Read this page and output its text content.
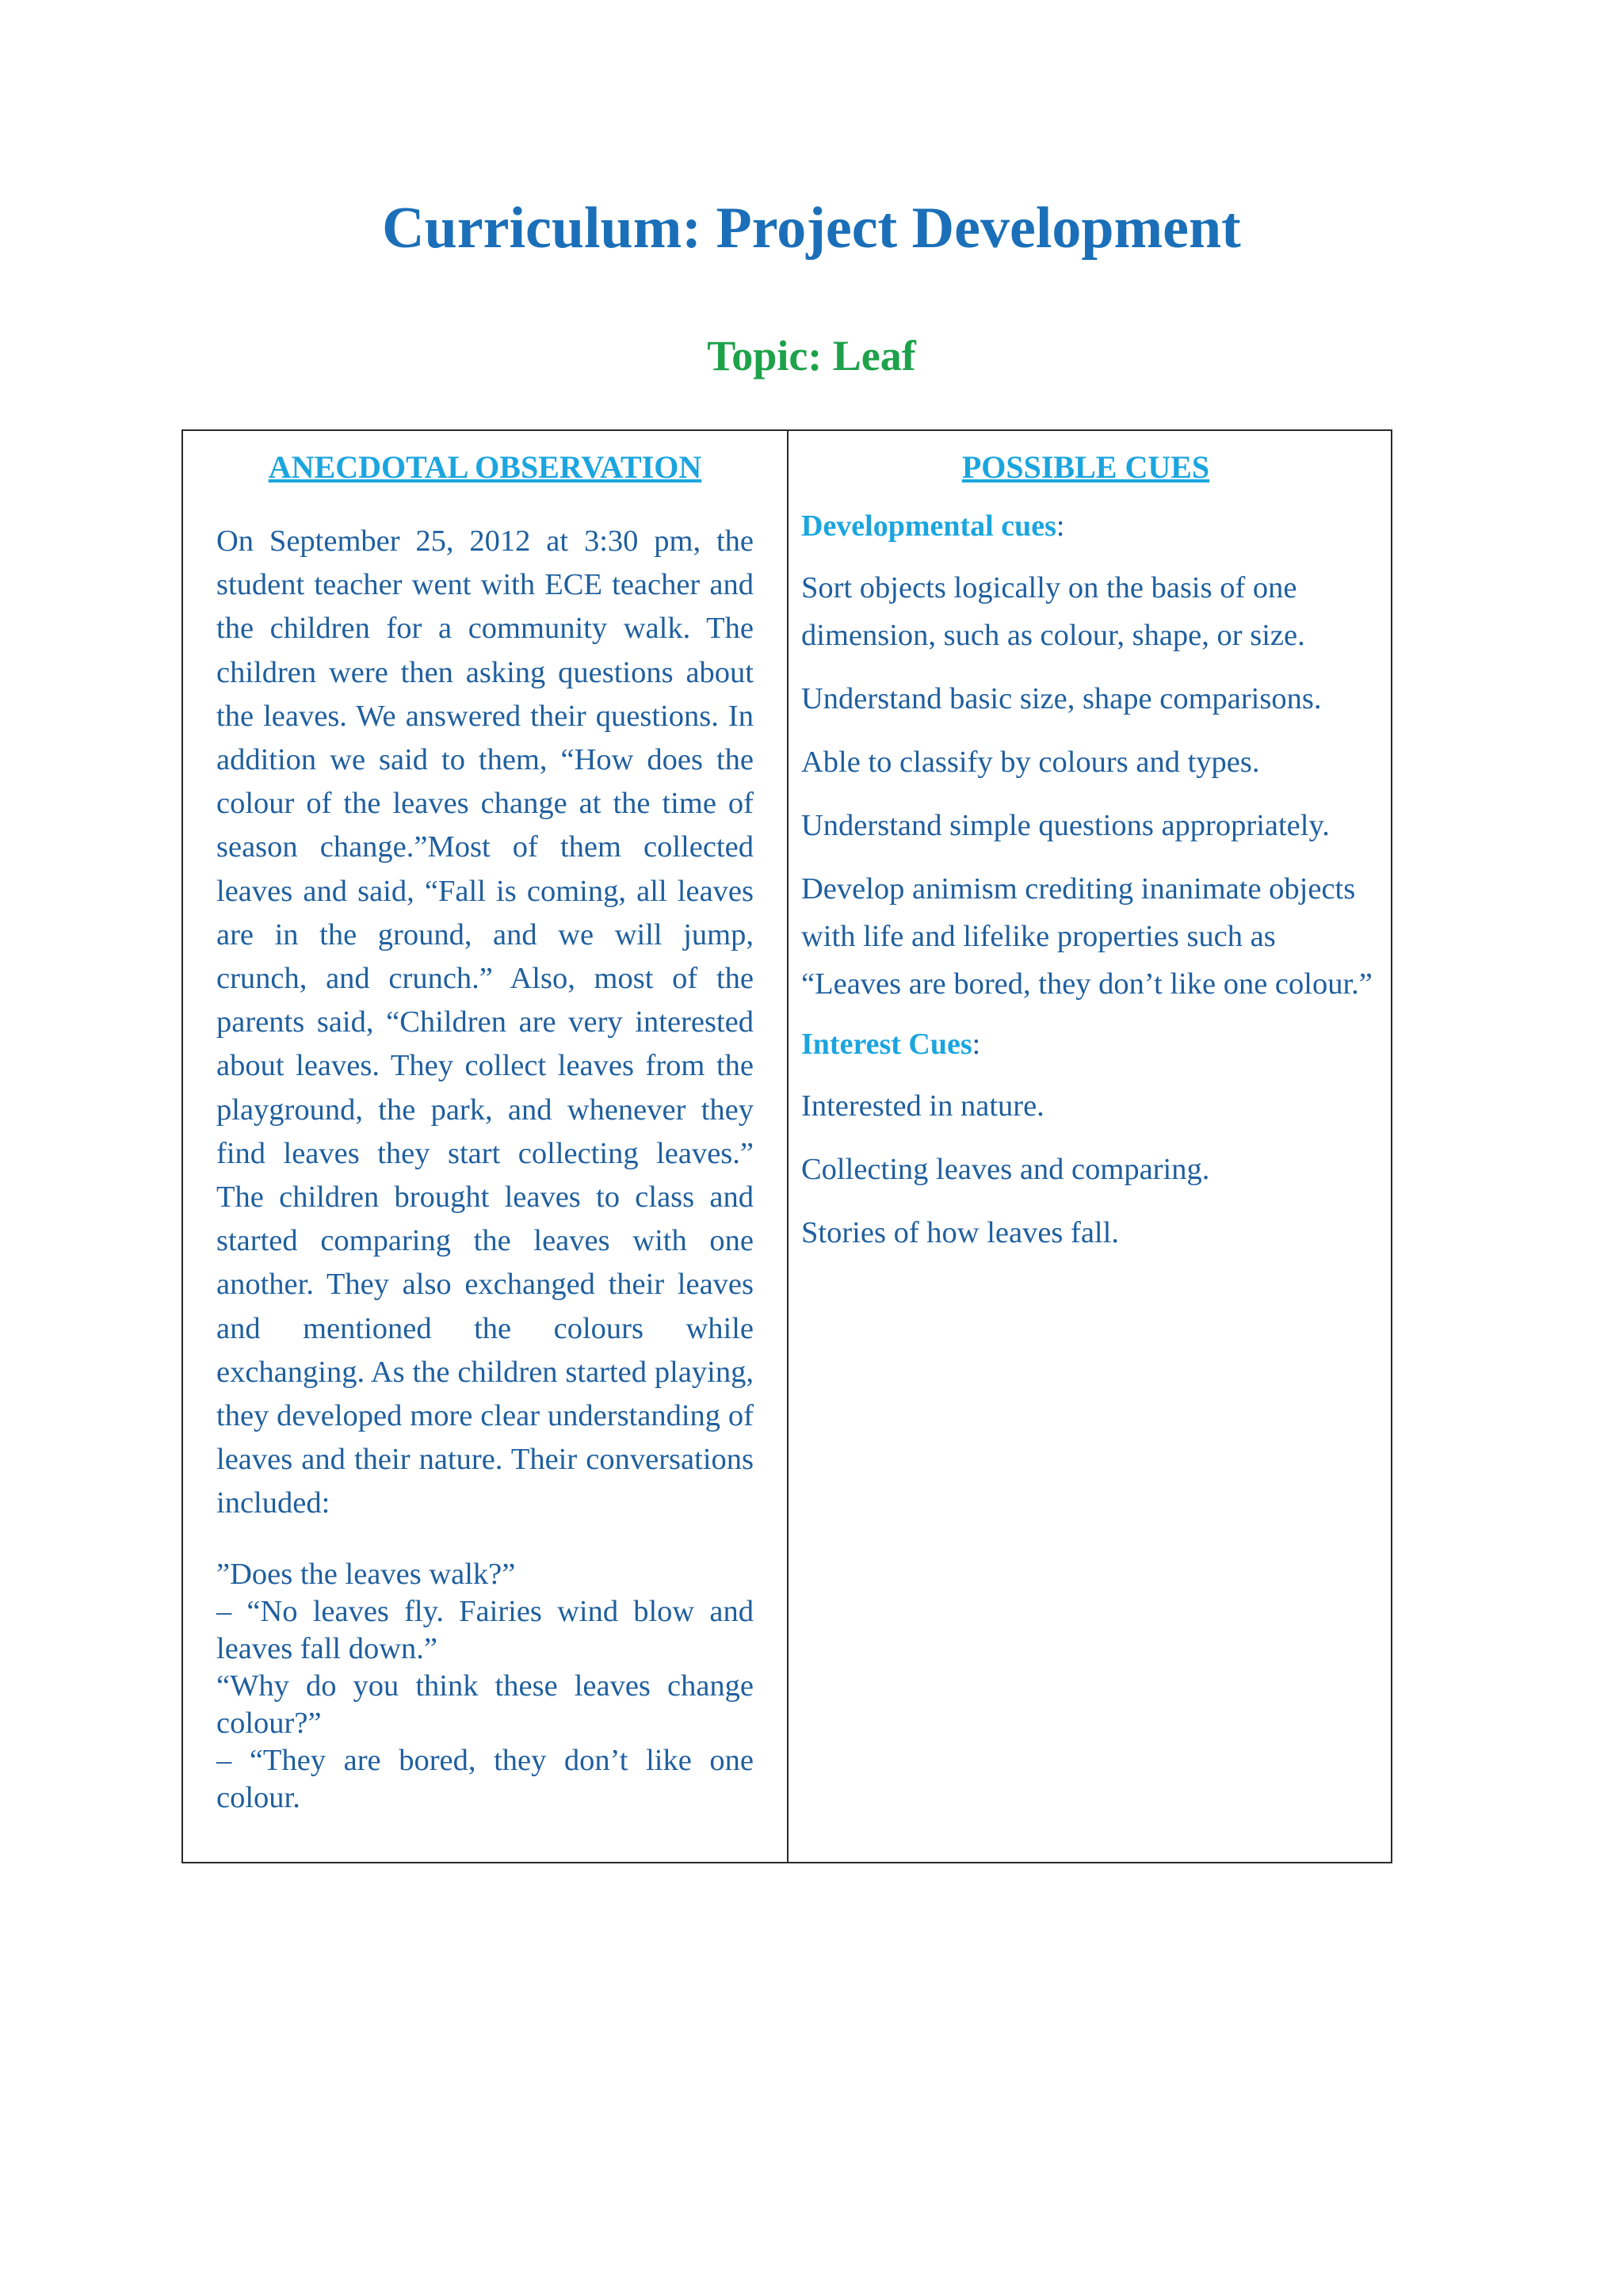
Curriculum: Project Development
Topic: Leaf
ANECDOTAL OBSERVATION
On September 25, 2012 at 3:30 pm, the student teacher went with ECE teacher and the children for a community walk. The children were then asking questions about the leaves. We answered their questions. In addition we said to them, “How does the colour of the leaves change at the time of season change.”Most of them collected leaves and said, “Fall is coming, all leaves are in the ground, and we will jump, crunch, and crunch.” Also, most of the parents said, “Children are very interested about leaves. They collect leaves from the playground, the park, and whenever they find leaves they start collecting leaves.” The children brought leaves to class and started comparing the leaves with one another. They also exchanged their leaves and mentioned the colours while exchanging. As the children started playing, they developed more clear understanding of leaves and their nature. Their conversations included:
”Does the leaves walk?”
– “No leaves fly. Fairies wind blow and leaves fall down.”
“Why do you think these leaves change colour?”
– “They are bored, they don’t like one colour.
POSSIBLE CUES
Developmental cues:
Sort objects logically on the basis of one dimension, such as colour, shape, or size.
Understand basic size, shape comparisons.
Able to classify by colours and types.
Understand simple questions appropriately.
Develop animism crediting inanimate objects with life and lifelike properties such as “Leaves are bored, they don’t like one colour.”
Interest Cues:
Interested in nature.
Collecting leaves and comparing.
Stories of how leaves fall.
